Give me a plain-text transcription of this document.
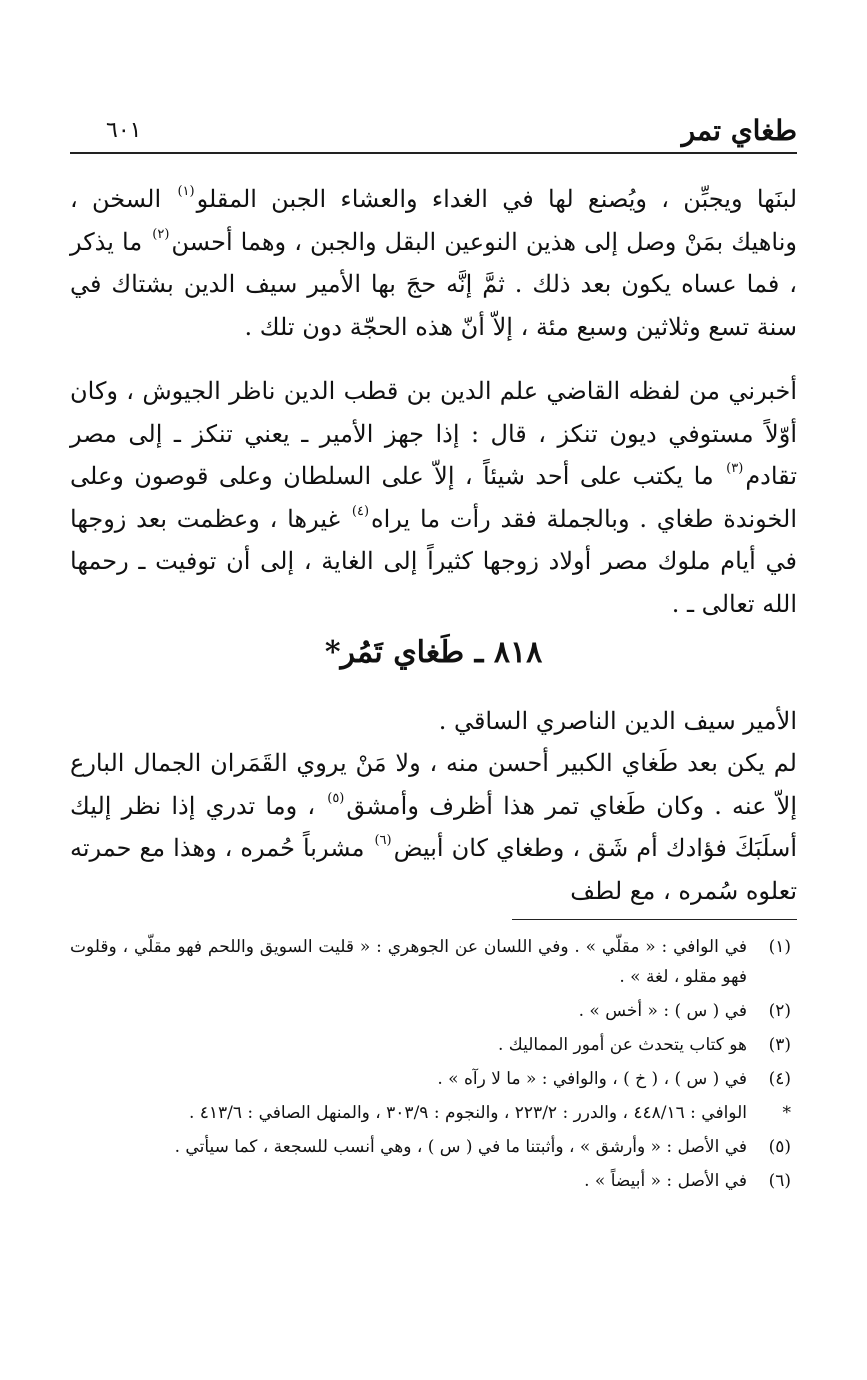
طغاي تمر
٦٠١

لبنَها ويجبِّن ، ويُصنع لها في الغداء والعشاء الجبن المقلو$^{(١)}$ السخن ، وناهيك بمَنْ وصل إلى هذين النوعين البقل والجبن ، وهما أحسن$^{(٢)}$ ما يذكر ، فما عساه يكون بعد ذلك . ثمَّ إنَّه حجَ بها الأمير سيف الدين بشتاك في سنة تسع وثلاثين وسبع مئة ، إلاّ أنّ هذه الحجّة دون تلك .

أخبرني من لفظه القاضي علم الدين بن قطب الدين ناظر الجيوش ، وكان أوّلاً مستوفي ديون تنكز ، قال : إذا جهز الأمير ـ يعني تنكز ـ إلى مصر تقادم$^{(٣)}$ ما يكتب على أحد شيئاً ، إلاّ على السلطان وعلى قوصون وعلى الخوندة طغاي . وبالجملة فقد رأت ما يراه$^{(٤)}$ غيرها ، وعظمت بعد زوجها في أيام ملوك مصر أولاد زوجها كثيراً إلى الغاية ، إلى أن توفيت ـ رحمها الله تعالى ـ .

٨١٨ ـ طَغاي تَمُر*

الأمير سيف الدين الناصري الساقي .

لم يكن بعد طَغاي الكبير أحسن منه ، ولا مَنْ يروي القَمَران الجمال البارع إلاّ عنه . وكان طَغاي تمر هذا أظرف وأمشق$^{(٥)}$ ، وما تدري إذا نظر إليك أسلَبَكَ فؤادك أم شَق ، وطغاي كان أبيض$^{(٦)}$ مشرباً حُمره ، وهذا مع حمرته تعلوه سُمره ، مع لطف

(١)
في الوافي : « مقلّي » . وفي اللسان عن الجوهري : « قليت السويق واللحم فهو مقلّي ، وقلوت فهو مقلو ، لغة » .
(٢)
في ( س ) : « أخس » .
(٣)
هو كتاب يتحدث عن أمور المماليك .
(٤)
في ( س ) ، ( خ ) ، والوافي : « ما لا رآه » .
*
الوافي : ٤٤٨/١٦ ، والدرر : ٢٢٣/٢ ، والنجوم : ٣٠٣/٩ ، والمنهل الصافي : ٤١٣/٦ .
(٥)
في الأصل : « وأرشق » ، وأثبتنا ما في ( س ) ، وهي أنسب للسجعة ، كما سيأتي .
(٦)
في الأصل : « أبيضاً » .
